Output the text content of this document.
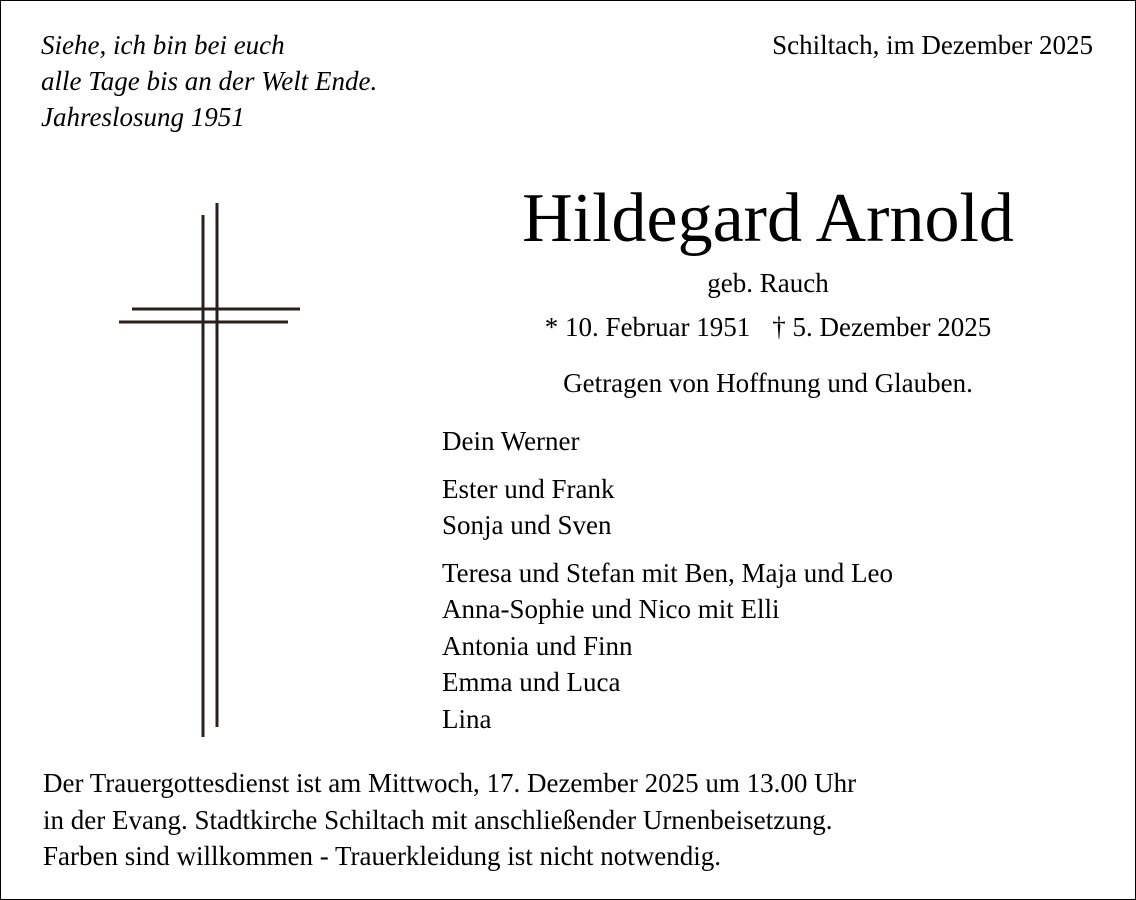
Siehe, ich bin bei euch
alle Tage bis an der Welt Ende.
Jahreslosung 1951
Schiltach, im Dezember 2025
Hildegard Arnold
geb. Rauch
* 10. Februar 1951 † 5. Dezember 2025
Getragen von Hoffnung und Glauben.
Dein Werner
Ester und Frank
Sonja und Sven
Teresa und Stefan mit Ben, Maja und Leo
Anna-Sophie und Nico mit Elli
Antonia und Finn
Emma und Luca
Lina
Der Trauergottesdienst ist am Mittwoch, 17. Dezember 2025 um 13.00 Uhr
in der Evang. Stadtkirche Schiltach mit anschließender Urnenbeisetzung.
Farben sind willkommen - Trauerkleidung ist nicht notwendig.
